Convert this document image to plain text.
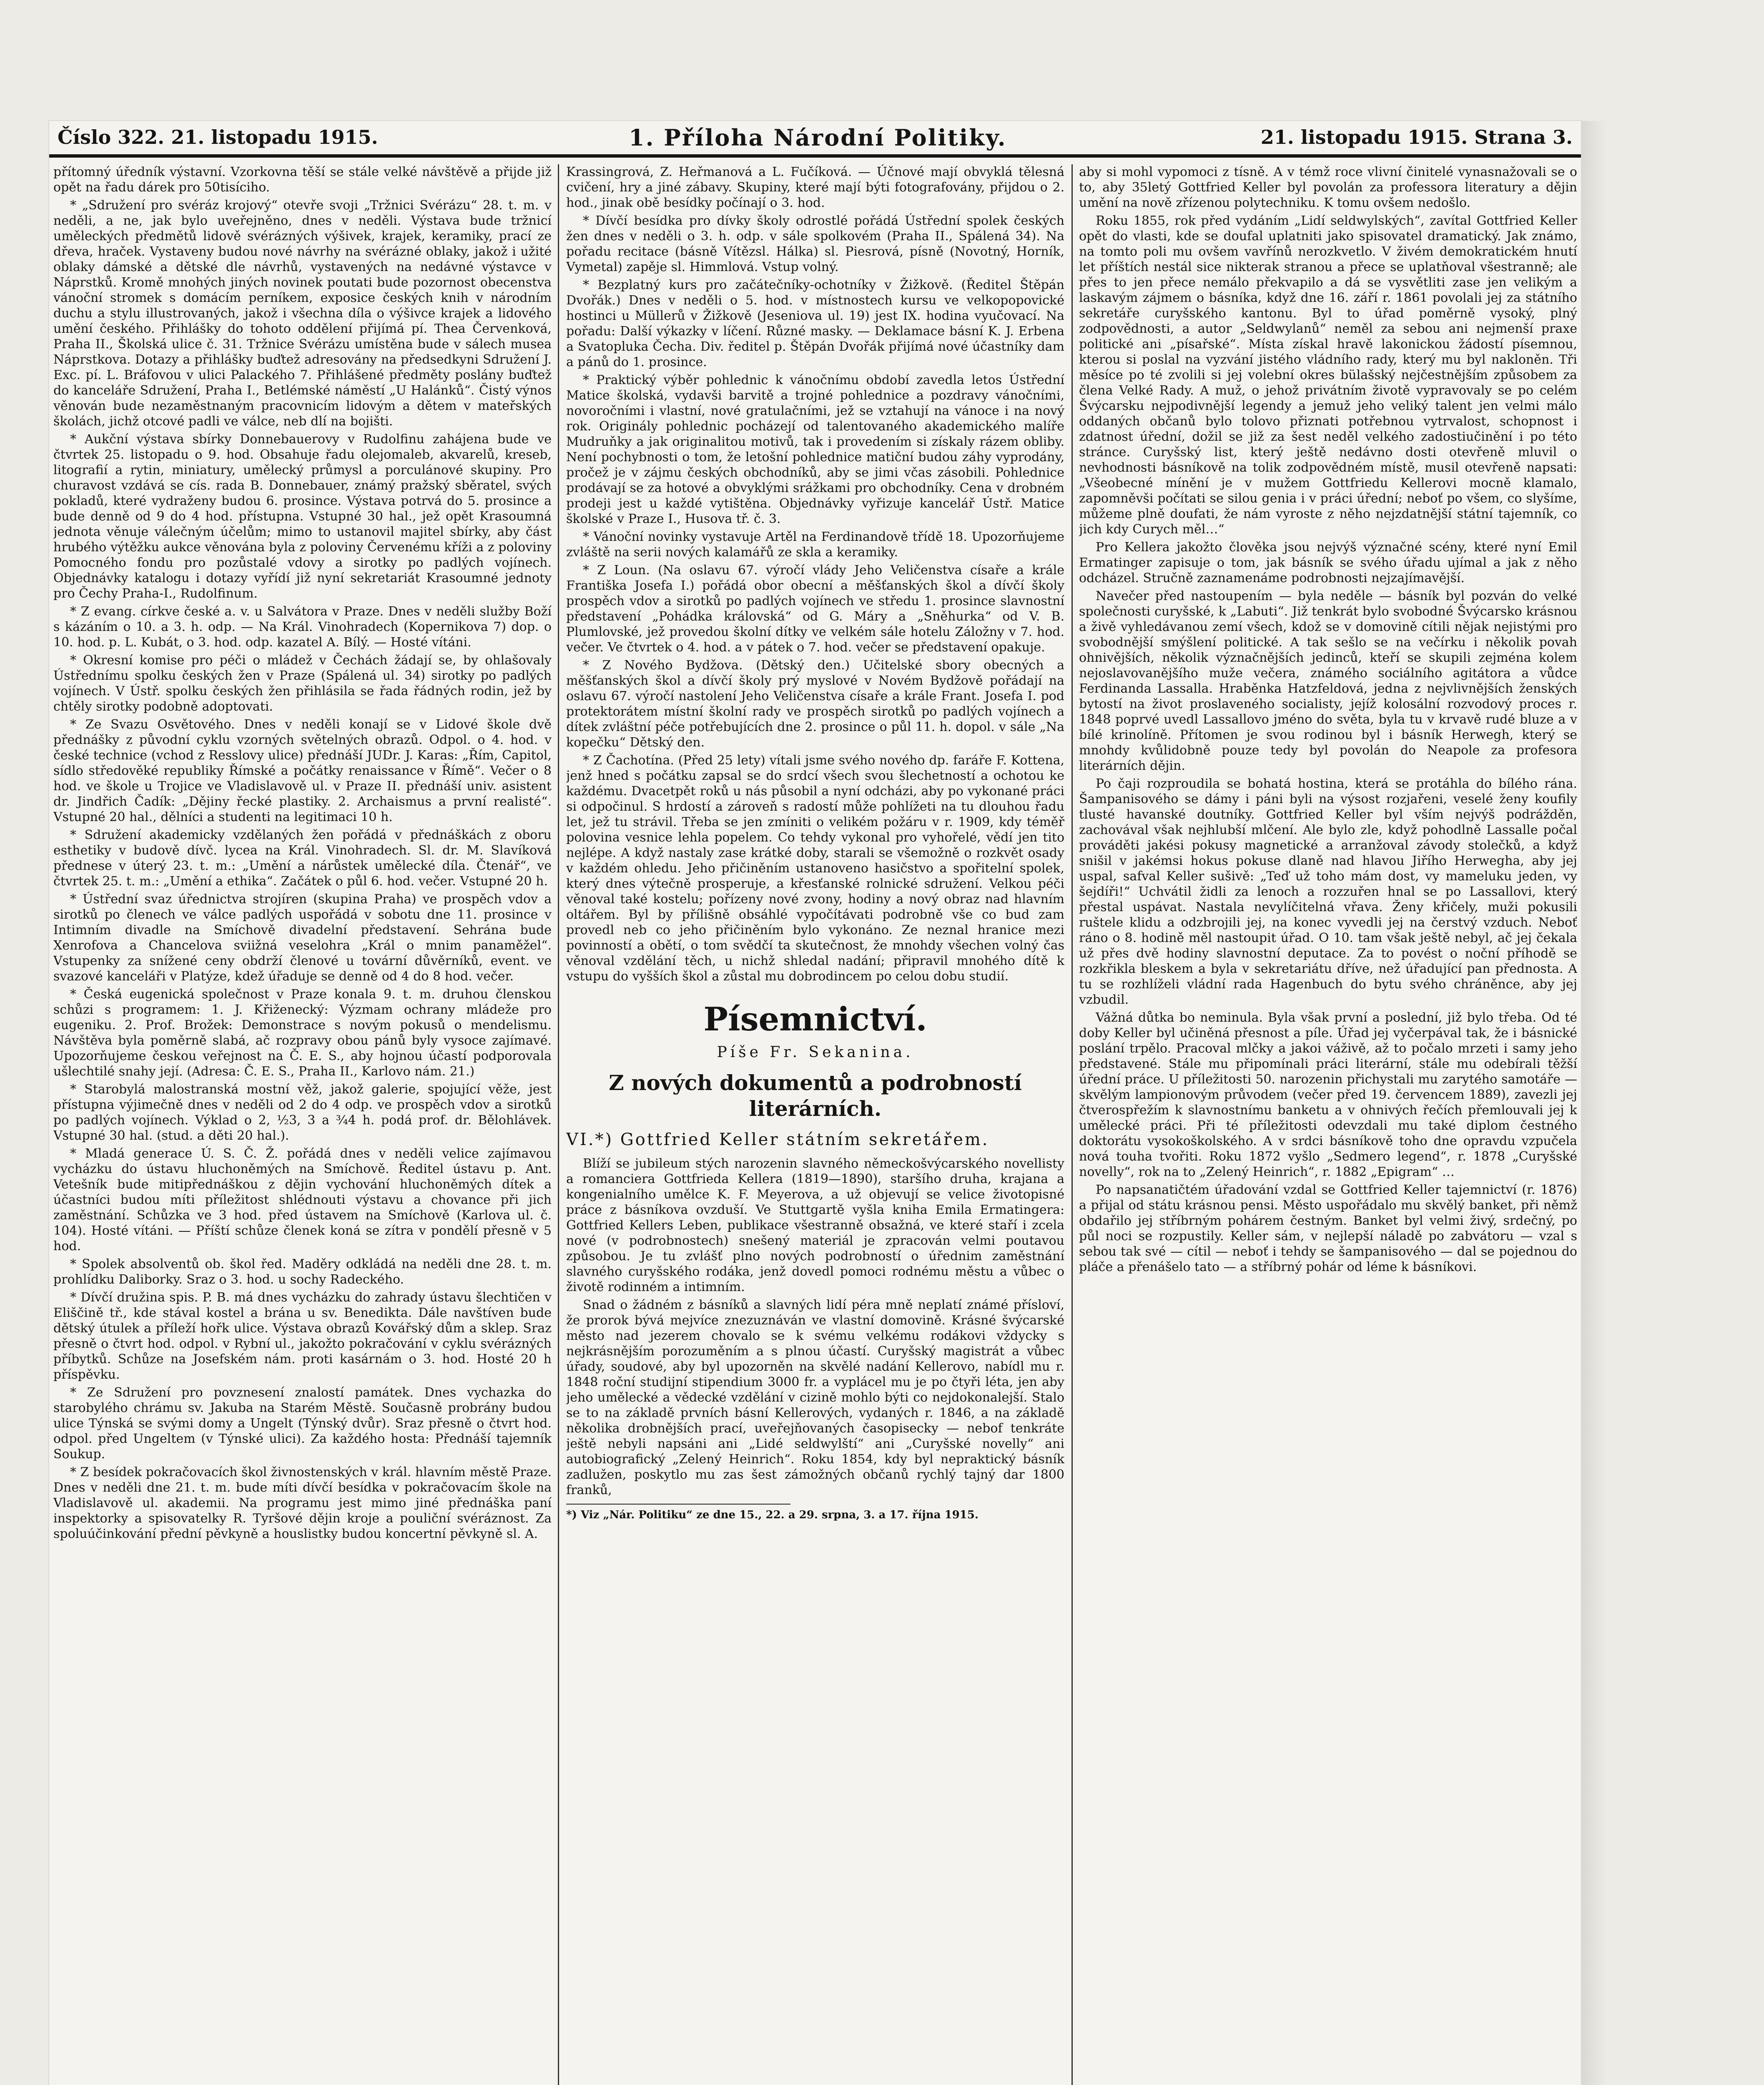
Číslo 322. 21. listopadu 1915.	1. Příloha Národní Politiky.	21. listopadu 1915. Strana 3.

přítomný úředník výstavní. Vzorkovna těší se stále velké návštěvě a přijde již opět na řadu dárek pro 50tisíciho.

* „Sdružení pro svéráz krojový“ otevře svoji „Tržnici Svérázu“ 28. t. m. v neděli, a ne, jak bylo uveřejněno, dnes v neděli. Výstava bude tržnicí uměleckých předmětů lidově svérázných výšivek, krajek, keramiky, prací ze dřeva, hraček. Vystaveny budou nové návrhy na svérázné oblaky, jakož i užité oblaky dámské a dětské dle návrhů, vystavených na nedávné výstavce v Náprstků. Kromě mnohých jiných novinek poutati bude pozornost obecenstva vánoční stromek s domácím perníkem, exposice českých knih v národním duchu a stylu illustrovaných, jakož i všechna díla o výšivce krajek a lidového umění českého. Přihlášky do tohoto oddělení přijímá pí. Thea Červenková, Praha II., Školská ulice č. 31. Tržnice Svérázu umístěna bude v sálech musea Náprstkova. Dotazy a přihlášky buďtež adresovány na předsedkyni Sdružení J. Exc. pí. L. Bráfovou v ulici Palackého 7. Přihlášené předměty poslány buďtež do kanceláře Sdružení, Praha I., Betlémské náměstí „U Halánků“. Čistý výnos věnován bude nezaměstnaným pracovnicím lidovým a dětem v mateřských školách, jichž otcové padli ve válce, neb dlí na bojišti.

* Aukční výstava sbírky Donnebauerovy v Rudolfinu zahájena bude ve čtvrtek 25. listopadu o 9. hod. Obsahuje řadu olejomaleb, akvarelů, kreseb, litografií a rytin, miniatury, umělecký průmysl a porculánové skupiny. Pro churavost vzdává se cís. rada B. Donnebauer, známý pražský sběratel, svých pokladů, které vydraženy budou 6. prosince. Výstava potrvá do 5. prosince a bude denně od 9 do 4 hod. přístupna. Vstupné 30 hal., jež opět Krasoumná jednota věnuje válečným účelům; mimo to ustanovil majitel sbírky, aby část hrubého výtěžku aukce věnována byla z poloviny Červenému kříži a z poloviny Pomocného fondu pro pozůstalé vdovy a sirotky po padlých vojínech. Objednávky katalogu i dotazy vyřídí již nyní sekretariát Krasoumné jednoty pro Čechy Praha-I., Rudolfinum.

* Z evang. církve české a. v. u Salvátora v Praze. Dnes v neděli služby Boží s kázáním o 10. a 3. h. odp. — Na Král. Vinohradech (Kopernikova 7) dop. o 10. hod. p. L. Kubát, o 3. hod. odp. kazatel A. Bílý. — Hosté vítáni.

* Okresní komise pro péči o mládež v Čechách žádají se, by ohlašovaly Ústřednímu spolku českých žen v Praze (Spálená ul. 34) sirotky po padlých vojínech. V Ústř. spolku českých žen přihlásila se řada řádných rodin, jež by chtěly sirotky podobně adoptovati.

* Ze Svazu Osvětového. Dnes v neděli konají se v Lidové škole dvě přednášky z původní cyklu vzorných světelných obrazů. Odpol. o 4. hod. v české technice (vchod z Resslovy ulice) přednáší JUDr. J. Karas: „Řím, Capitol, sídlo středověké republiky Římské a počátky renaissance v Římě“. Večer o 8 hod. ve škole u Trojice ve Vladislavově ul. v Praze II. přednáší univ. asistent dr. Jindřich Čadík: „Dějiny řecké plastiky. 2. Archaismus a první realisté“. Vstupné 20 hal., dělníci a studenti na legitimaci 10 h.

* Sdružení akademicky vzdělaných žen pořádá v přednáškách z oboru esthetiky v budově dívč. lycea na Král. Vinohradech. Sl. dr. M. Slavíková přednese v úterý 23. t. m.: „Umění a nárůstek umělecké díla. Čtenář“, ve čtvrtek 25. t. m.: „Umění a ethika“. Začátek o půl 6. hod. večer. Vstupné 20 h.

* Ústřední svaz úřednictva strojíren (skupina Praha) ve prospěch vdov a sirotků po členech ve válce padlých uspořádá v sobotu dne 11. prosince v Intimním divadle na Smíchově divadelní představení. Sehrána bude Xenrofova a Chancelova sviižná veselohra „Král o mnim panaměžel“. Vstupenky za snížené ceny obdrží členové u tovární důvěrníků, event. ve svazové kanceláři v Platýze, kdež úřaduje se denně od 4 do 8 hod. večer.

* Česká eugenická společnost v Praze konala 9. t. m. druhou členskou schůzi s programem: 1. J. Křiženecký: Výzmam ochrany mládeže pro eugeniku. 2. Prof. Brožek: Demonstrace s novým pokusů o mendelismu. Návštěva byla poměrně slabá, ač rozpravy obou pánů byly vysoce zajímavé. Upozorňujeme českou veřejnost na Č. E. S., aby hojnou účastí podporovala ušlechtilé snahy její. (Adresa: Č. E. S., Praha II., Karlovo nám. 21.)

* Starobylá malostranská mostní věž, jakož galerie, spojující věže, jest přístupna výjimečně dnes v neděli od 2 do 4 odp. ve prospěch vdov a sirotků po padlých vojínech. Výklad o 2, ½3, 3 a ¾4 h. podá prof. dr. Bělohlávek. Vstupné 30 hal. (stud. a děti 20 hal.).

* Mladá generace Ú. S. Č. Ž. pořádá dnes v neděli velice zajímavou vycházku do ústavu hluchoněmých na Smíchově. Ředitel ústavu p. Ant. Vetešník bude mitipřednáškou z dějin vychování hluchoněmých dítek a účastníci budou míti příležitost shlédnouti výstavu a chovance při jich zaměstnání. Schůzka ve 3 hod. před ústavem na Smíchově (Karlova ul. č. 104). Hosté vítáni. — Příští schůze členek koná se zítra v pondělí přesně v 5 hod.

* Spolek absolventů ob. škol řed. Maděry odkládá na neděli dne 28. t. m. prohlídku Daliborky. Sraz o 3. hod. u sochy Radeckého.

* Dívčí družina spis. P. B. má dnes vycházku do zahrady ústavu šlechtičen v Eliščině tř., kde stával kostel a brána u sv. Benedikta. Dále navštíven bude dětský útulek a příleží hořk ulice. Výstava obrazů Kovářský dům a sklep. Sraz přesně o čtvrt hod. odpol. v Rybní ul., jakožto pokračování v cyklu svérázných příbytků. Schůze na Josefském nám. proti kasárnám o 3. hod. Hosté 20 h příspěvku.

* Ze Sdružení pro povznesení znalostí památek. Dnes vychazka do starobylého chrámu sv. Jakuba na Starém Městě. Současně probrány budou ulice Týnská se svými domy a Ungelt (Týnský dvůr). Sraz přesně o čtvrt hod. odpol. před Ungeltem (v Týnské ulici). Za každého hosta: Přednáší tajemník Soukup.

* Z besídek pokračovacích škol živnostenských v král. hlavním městě Praze. Dnes v neděli dne 21. t. m. bude míti dívčí besídka v pokračovacím škole na Vladislavově ul. akademii. Na programu jest mimo jiné přednáška paní inspektorky a spisovatelky R. Tyršové dějin kroje a pouliční svéráznost. Za spoluúčinkování přední pěvkyně a houslistky budou koncertní pěvkyně sl. A.

Krassingrová, Z. Heřmanová a L. Fučíková. — Účnové mají obvyklá tělesná cvičení, hry a jiné zábavy. Skupiny, které mají býti fotografovány, přijdou o 2. hod., jinak obě besídky počínají o 3. hod.

* Dívčí besídka pro dívky školy odrostlé pořádá Ústřední spolek českých žen dnes v neděli o 3. h. odp. v sále spolkovém (Praha II., Spálená 34). Na pořadu recitace (básně Vítězsl. Hálka) sl. Piesrová, písně (Novotný, Horník, Vymetal) zapěje sl. Himmlová. Vstup volný.

* Bezplatný kurs pro začátečníky-ochotníky v Žižkově. (Ředitel Štěpán Dvořák.) Dnes v neděli o 5. hod. v místnostech kursu ve velkopopovické hostinci u Müllerů v Žižkově (Jeseniova ul. 19) jest IX. hodina vyučovací. Na pořadu: Další výkazky v líčení. Různé masky. — Deklamace básní K. J. Erbena a Svatopluka Čecha. Div. ředitel p. Štěpán Dvořák přijímá nové účastníky dam a pánů do 1. prosince.

* Praktický výběr pohlednic k vánočnímu období zavedla letos Ústřední Matice školská, vydavši barvitě a trojné pohlednice a pozdravy vánočními, novoročními i vlastní, nové gratulačními, jež se vztahují na vánoce i na nový rok. Originály pohlednic pocházejí od talentovaného akademického malíře Mudruňky a jak originalitou motivů, tak i provedením si získaly rázem obliby. Není pochybnosti o tom, že letošní pohlednice matiční budou záhy vyprodány, pročež je v zájmu českých obchodníků, aby se jimi včas zásobili. Pohlednice prodávají se za hotové a obvyklými srážkami pro obchodníky. Cena v drobném prodeji jest u každé vytištěna. Objednávky vyřizuje kancelář Ústř. Matice školské v Praze I., Husova tř. č. 3.

* Vánoční novinky vystavuje Artěl na Ferdinandově třídě 18. Upozorňujeme zvláště na serii nových kalamářů ze skla a keramiky.

* Z Loun. (Na oslavu 67. výročí vlády Jeho Veličenstva císaře a krále Františka Josefa I.) pořádá obor obecní a měšťanských škol a dívčí školy prospěch vdov a sirotků po padlých vojínech ve středu 1. prosince slavnostní představení „Pohádka královská“ od G. Máry a „Sněhurka“ od V. B. Plumlovské, jež provedou školní dítky ve velkém sále hotelu Záložny v 7. hod. večer. Ve čtvrtek o 4. hod. a v pátek o 7. hod. večer se představení opakuje.

* Z Nového Bydžova. (Dětský den.) Učitelské sbory obecných a měšťanských škol a dívčí školy prý myslové v Novém Bydžově pořádají na oslavu 67. výročí nastolení Jeho Veličenstva císaře a krále Frant. Josefa I. pod protektorátem místní školní rady ve prospěch sirotků po padlých vojínech a dítek zvláštní péče potřebujících dne 2. prosince o půl 11. h. dopol. v sále „Na kopečku“ Dětský den.

* Z Čachotína. (Před 25 lety) vítali jsme svého nového dp. faráře F. Kottena, jenž hned s počátku zapsal se do srdcí všech svou šlechetností a ochotou ke každému. Dvacetpět roků u nás působil a nyní odcházi, aby po vykonané práci si odpočinul. S hrdostí a zároveň s radostí může pohlížeti na tu dlouhou řadu let, jež tu strávil. Třeba se jen zmíniti o velikém požáru v r. 1909, kdy téměř polovina vesnice lehla popelem. Co tehdy vykonal pro vyhořelé, vědí jen tito nejlépe. A když nastaly zase krátké doby, starali se všemožně o rozkvět osady v každém ohledu. Jeho přičiněním ustanoveno hasičstvo a spořitelní spolek, který dnes výtečně prosperuje, a křesťanské rolnické sdružení. Velkou péči věnoval také kostelu; pořízeny nové zvony, hodiny a nový obraz nad hlavním oltářem. Byl by přílišně obsáhlé vypočítávati podrobně vše co bud zam provedl neb co jeho přičiněním bylo vykonáno. Ze neznal hranice mezi povinností a obětí, o tom svědčí ta skutečnost, že mnohdy všechen volný čas věnoval vzdělání těch, u nichž shledal nadání; připravil mnohého dítě k vstupu do vyšších škol a zůstal mu dobrodincem po celou dobu studií.

Písemnictví.
Píše Fr. Sekanina.
Z nových dokumentů a podrobností literárních.
VI.*) Gottfried Keller státním sekretářem.

Blíží se jubileum stých narozenin slavného německošvýcarského novellisty a romanciera Gottfrieda Kellera (1819—1890), staršího druha, krajana a kongenialního umělce K. F. Meyerova, a už objevují se velice životopisné práce z básníkova ovzduší. Ve Stuttgartě vyšla kniha Emila Ermatingera: Gottfried Kellers Leben, publikace všestranně obsažná, ve které staří i zcela nové (v podrobnostech) snešený materiál je zpracován velmi poutavou způsobou. Je tu zvlášť plno nových podrobností o úřednim zaměstnání slavného curyšského rodáka, jenž dovedl pomoci rodnému městu a vůbec o životě rodinném a intimním.

Snad o žádném z básníků a slavných lidí péra mně neplatí známé přísloví, že prorok bývá mejvíce znezuznáván ve vlastní domovině. Krásné švýcarské město nad jezerem chovalo se k svému velkému rodákovi vždycky s nejkrásnějším porozuměním a s plnou účastí. Curyšský magistrát a vůbec úřady, soudové, aby byl upozorněn na skvělé nadání Kellerovo, nabídl mu r. 1848 roční studijní stipendium 3000 fr. a vyplácel mu je po čtyři léta, jen aby jeho umělecké a vědecké vzdělání v cizině mohlo býti co nejdokonalejší. Stalo se to na základě prvních básní Kellerových, vydaných r. 1846, a na základě několika drobnějších prací, uveřejňovaných časopisecky — nebof tenkráte ještě nebyli napsáni ani „Lidé seldwylští“ ani „Curyšské novelly“ ani autobiografický „Zelený Heinrich“. Roku 1854, kdy byl nepraktický básník zadlužen, poskytlo mu zas šest zámožných občanů rychlý tajný dar 1800 franků,

*) Viz „Nár. Politiku“ ze dne 15., 22. a 29. srpna, 3. a 17. října 1915.

aby si mohl vypomoci z tísně. A v témž roce vlivní činitelé vynasnažovali se o to, aby 35letý Gottfried Keller byl povolán za professora literatury a dějin umění na nově zřízenou polytechniku. K tomu ovšem nedošlo.

Roku 1855, rok před vydáním „Lidí seldwylských“, zavítal Gottfried Keller opět do vlasti, kde se doufal uplatniti jako spisovatel dramatický. Jak známo, na tomto poli mu ovšem vavřínů nerozkvetlo. V živém demokratickém hnutí let příštích nestál sice nikterak stranou a přece se uplatňoval všestranně; ale přes to jen přece nemálo překvapilo a dá se vysvětliti zase jen velikým a laskavým zájmem o básníka, když dne 16. září r. 1861 povolali jej za státního sekretáře curyšského kantonu. Byl to úřad poměrně vysoký, plný zodpovědnosti, a autor „Seldwylanů“ neměl za sebou ani nejmenší praxe politické ani „písařské“. Místa získal hravě lakonickou žádostí písemnou, kterou si poslal na vyzvání jistého vládního rady, který mu byl nakloněn. Tři měsíce po té zvolili si jej volební okres bülašský nejčestnějším způsobem za člena Velké Rady. A muž, o jehož privátním životě vypravovaly se po celém Švýcarsku nejpodivnější legendy a jemuž jeho veliký talent jen velmi málo oddaných občanů bylo tolovo přiznati potřebnou vytrvalost, schopnost i zdatnost úřední, dožil se již za šest neděl velkého zadostiučinění i po této stránce. Curyšský list, který ještě nedávno dosti otevřeně mluvil o nevhodnosti básníkově na tolik zodpovědném místě, musil otevřeně napsati: „Všeobecné mínění je v mužem Gottfriedu Kellerovi mocně klamalo, zapomněvši počítati se silou genia i v práci úřední; neboť po všem, co slyšíme, můžeme plně doufati, že nám vyroste z něho nejzdatnější státní tajemník, co jich kdy Curych měl…“

Pro Kellera jakožto člověka jsou nejvýš význačné scény, které nyní Emil Ermatinger zapisuje o tom, jak básník se svého úřadu ujímal a jak z něho odcházel. Stručně zaznamenáme podrobnosti nejzajímavější.

Navečer před nastoupením — byla neděle — básník byl pozván do velké společnosti curyšské, k „Labuti“. Již tenkrát bylo svobodné Švýcarsko krásnou a živě vyhledávanou zemí všech, kdož se v domovině cítili nějak nejistými pro svobodnější smýšlení politické. A tak sešlo se na večírku i několik povah ohnivějších, několik význačnějších jedinců, kteří se skupili zejména kolem nejoslavovanějšího muže večera, známého sociálního agitátora a vůdce Ferdinanda Lassalla. Hraběnka Hatzfeldová, jedna z nejvlivnějších ženských bytostí na život proslaveného socialisty, jejíž kolosální rozvodový proces r. 1848 poprvé uvedl Lassallovo jméno do světa, byla tu v krvavě rudé bluze a v bílé krinolíně. Přítomen je svou rodinou byl i básník Herwegh, který se mnohdy kvůlidobně pouze tedy byl povolán do Neapole za profesora literárních dějin.

Po čaji rozproudila se bohatá hostina, která se protáhla do bílého rána. Šampanisového se dámy i páni byli na výsost rozjařeni, veselé ženy koufily tlusté havanské doutníky. Gottfried Keller byl vším nejvýš podrážděn, zachovával však nejhlubší mlčení. Ale bylo zle, když pohodlně Lassalle počal prováděti jakési pokusy magnetické a arranžoval závody stolečků, a když snišil v jakémsi hokus pokuse dlaně nad hlavou Jiřího Herwegha, aby jej uspal, safval Keller sušivě: „Teď už toho mám dost, vy mameluku jeden, vy šejdíři!“ Uchvátil židli za lenoch a rozzuřen hnal se po Lassallovi, který přestal uspávat. Nastala nevylíčitelná vřava. Ženy křičely, muži pokusili ruštele klidu a odzbrojili jej, na konec vyvedli jej na čerstvý vzduch. Neboť ráno o 8. hodině měl nastoupit úřad. O 10. tam však ještě nebyl, ač jej čekala už přes dvě hodiny slavnostní deputace. Za to povést o noční příhodě se rozkřikla bleskem a byla v sekretariátu dříve, než úřadující pan přednosta. A tu se rozhlíželi vládní rada Hagenbuch do bytu svého chráněnce, aby jej vzbudil.

Vážná důtka bo neminula. Byla však první a poslední, již bylo třeba. Od té doby Keller byl učiněná přesnost a píle. Úřad jej vyčerpával tak, že i básnické poslání trpělo. Pracoval mlčky a jakoi váživě, až to počalo mrzeti i samy jeho představené. Stále mu připomínali práci literární, stále mu odebírali těžší úřední práce. U příležitosti 50. narozenin přichystali mu zarytého samotáře — skvělým lampionovým průvodem (večer před 19. červencem 1889), zavezli jej čtverospřežím k slavnostnímu banketu a v ohnivých řečích přemlouvali jej k umělecké práci. Při té příležitosti odevzdali mu také diplom čestného doktorátu vysokoškolského. A v srdci básníkově toho dne opravdu vzpučela nová touha tvořiti. Roku 1872 vyšlo „Sedmero legend“, r. 1878 „Curyšské novelly“, rok na to „Zelený Heinrich“, r. 1882 „Epigram“ …

Po napsanatičtém úřadování vzdal se Gottfried Keller tajemnictví (r. 1876) a přijal od státu krásnou pensi. Město uspořádalo mu skvělý banket, při němž obdařilo jej stříbrným pohárem čestným. Banket byl velmi živý, srdečný, po půl noci se rozpustily. Keller sám, v nejlepší náladě po zabvátoru — vzal s sebou tak své — cítil — neboť i tehdy se šampanisového — dal se pojednou do pláče a přenášelo tato — a stříbrný pohár od léme k básníkovi.
